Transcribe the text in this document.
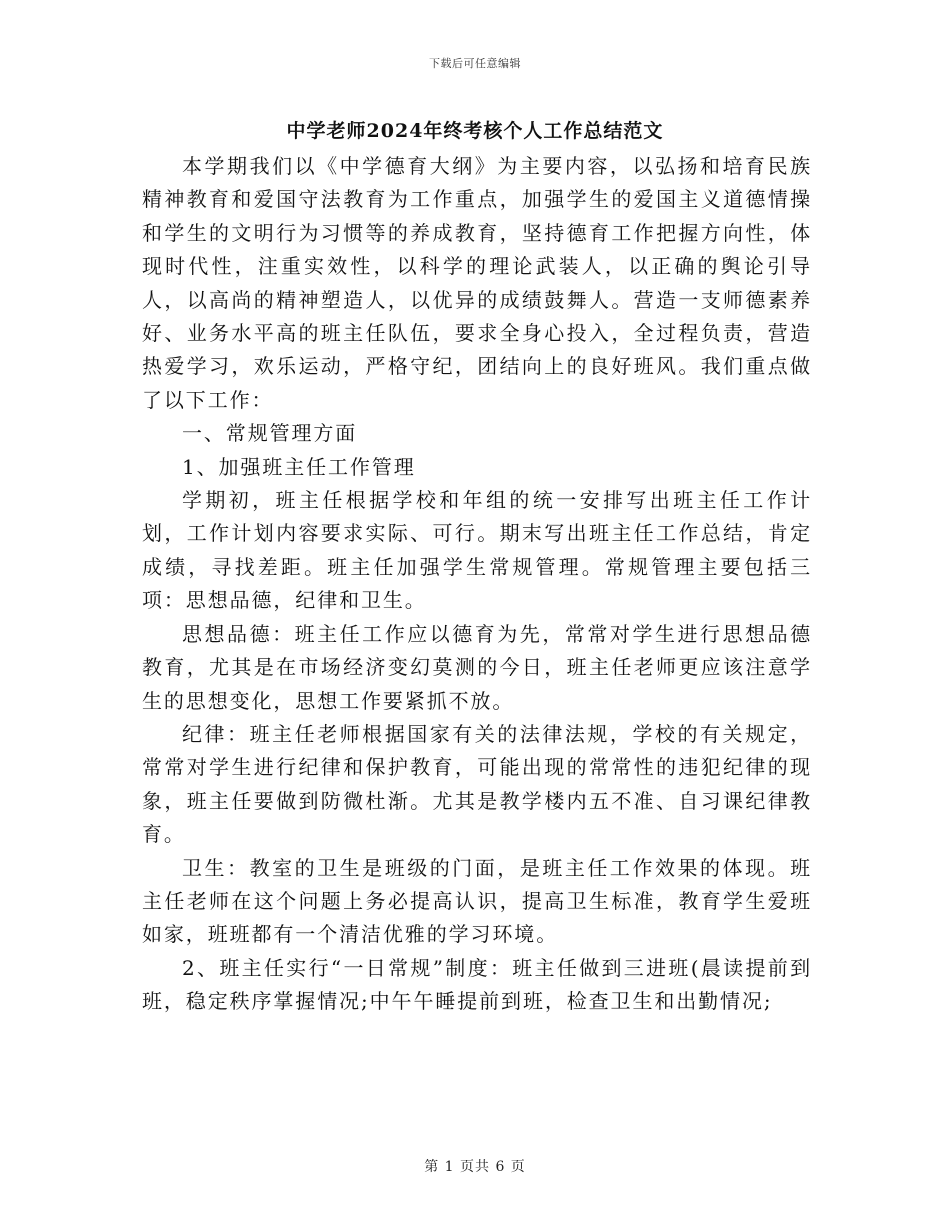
下载后可任意编辑
中学老师2024年终考核个人工作总结范文

本学期我们以《中学德育大纲》为主要内容，以弘扬和培育民族精神教育和爱国守法教育为工作重点，加强学生的爱国主义道德情操和学生的文明行为习惯等的养成教育，坚持德育工作把握方向性，体现时代性，注重实效性，以科学的理论武装人，以正确的舆论引导人，以高尚的精神塑造人，以优异的成绩鼓舞人。营造一支师德素养好、业务水平高的班主任队伍，要求全身心投入，全过程负责，营造热爱学习，欢乐运动，严格守纪，团结向上的良好班风。我们重点做了以下工作：

一、常规管理方面

1、加强班主任工作管理

学期初，班主任根据学校和年组的统一安排写出班主任工作计划，工作计划内容要求实际、可行。期末写出班主任工作总结，肯定成绩，寻找差距。班主任加强学生常规管理。常规管理主要包括三项：思想品德，纪律和卫生。

思想品德：班主任工作应以德育为先，常常对学生进行思想品德教育，尤其是在市场经济变幻莫测的今日，班主任老师更应该注意学生的思想变化，思想工作要紧抓不放。

纪律：班主任老师根据国家有关的法律法规，学校的有关规定，常常对学生进行纪律和保护教育，可能出现的常常性的违犯纪律的现象，班主任要做到防微杜渐。尤其是教学楼内五不准、自习课纪律教育。

卫生：教室的卫生是班级的门面，是班主任工作效果的体现。班主任老师在这个问题上务必提高认识，提高卫生标准，教育学生爱班如家，班班都有一个清洁优雅的学习环境。

2、班主任实行“一日常规”制度：班主任做到三进班(晨读提前到班，稳定秩序掌握情况;中午午睡提前到班，检查卫生和出勤情况;

第 1 页共 6 页
